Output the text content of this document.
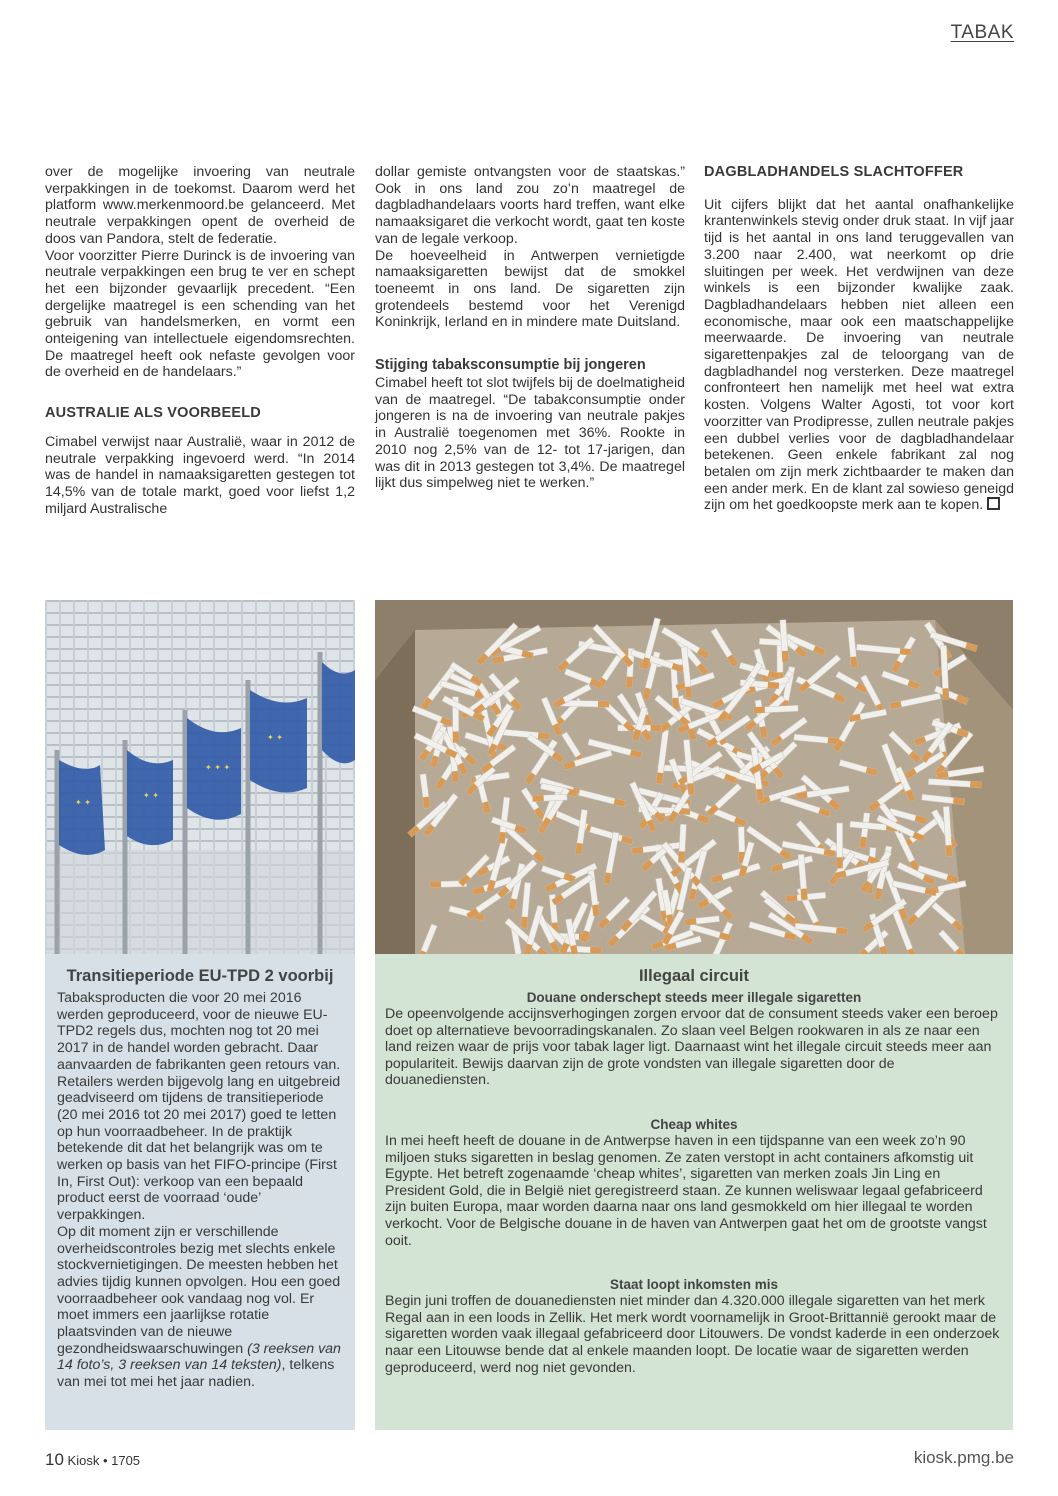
TABAK

over de mogelijke invoering van neutrale verpakkingen in de toekomst. Daarom werd het platform www.merkenmoord.be gelanceerd. Met neutrale verpakkingen opent de overheid de doos van Pandora, stelt de federatie.

Voor voorzitter Pierre Durinck is de invoering van neutrale verpakkingen een brug te ver en schept het een bijzonder gevaarlijk precedent. “Een dergelijke maatregel is een schending van het gebruik van handelsmerken, en vormt een onteigening van intellectuele eigendomsrechten. De maatregel heeft ook nefaste gevolgen voor de overheid en de handelaars.”

AUSTRALIE ALS VOORBEELD

Cimabel verwijst naar Australië, waar in 2012 de neutrale verpakking ingevoerd werd. “In 2014 was de handel in namaaksigaretten gestegen tot 14,5% van de totale markt, goed voor liefst 1,2 miljard Australische

dollar gemiste ontvangsten voor de staatskas.” Ook in ons land zou zo’n maatregel de dagbladhandelaars voorts hard treffen, want elke namaaksigaret die verkocht wordt, gaat ten koste van de legale verkoop.

De hoeveelheid in Antwerpen vernietigde namaaksigaretten bewijst dat de smokkel toeneemt in ons land. De sigaretten zijn grotendeels bestemd voor het Verenigd Koninkrijk, Ierland en in mindere mate Duitsland.

Stijging tabaksconsumptie bij jongeren

Cimabel heeft tot slot twijfels bij de doelmatigheid van de maatregel. “De tabakconsumptie onder jongeren is na de invoering van neutrale pakjes in Australië toegenomen met 36%. Rookte in 2010 nog 2,5% van de 12- tot 17-jarigen, dan was dit in 2013 gestegen tot 3,4%. De maatregel lijkt dus simpelweg niet te werken.”

DAGBLADHANDELS SLACHTOFFER

Uit cijfers blijkt dat het aantal onafhankelijke krantenwinkels stevig onder druk staat. In vijf jaar tijd is het aantal in ons land teruggevallen van 3.200 naar 2.400, wat neerkomt op drie sluitingen per week. Het verdwijnen van deze winkels is een bijzonder kwalijke zaak. Dagbladhandelaars hebben niet alleen een economische, maar ook een maatschappelijke meerwaarde. De invoering van neutrale sigarettenpakjes zal de teloorgang van de dagbladhandel nog versterken. Deze maatregel confronteert hen namelijk met heel wat extra kosten. Volgens Walter Agosti, tot voor kort voorzitter van Prodipresse, zullen neutrale pakjes een dubbel verlies voor de dagbladhandelaar betekenen. Geen enkele fabrikant zal nog betalen om zijn merk zichtbaarder te maken dan een ander merk. En de klant zal sowieso geneigd zijn om het goedkoopste merk aan te kopen.

✦ ✦
✦ ✦
✦ ✦ ✦
✦ ✦
Transitieperiode EU-TPD 2 voorbij
Tabaksproducten die voor 20 mei 2016 werden geproduceerd, voor de nieuwe EU-TPD2 regels dus, mochten nog tot 20 mei 2017 in de handel worden gebracht. Daar aanvaarden de fabrikanten geen retours van. Retailers werden bijgevolg lang en uitgebreid geadviseerd om tijdens de transitieperiode (20 mei 2016 tot 20 mei 2017) goed te letten op hun voorraadbeheer. In de praktijk betekende dit dat het belangrijk was om te werken op basis van het FIFO-principe (First In, First Out): verkoop van een bepaald product eerst de voorraad ‘oude’ verpakkingen.
Op dit moment zijn er verschillende overheidscontroles bezig met slechts enkele stockvernietigingen. De meesten hebben het advies tijdig kunnen opvolgen. Hou een goed voorraadbeheer ook vandaag nog vol. Er moet immers een jaarlijkse rotatie plaatsvinden van de nieuwe gezondheidswaarschuwingen (3 reeksen van 14 foto’s, 3 reeksen van 14 teksten), telkens van mei tot mei het jaar nadien.
Illegaal circuit
Douane onderschept steeds meer illegale sigaretten
De opeenvolgende accijnsverhogingen zorgen ervoor dat de consument steeds vaker een beroep doet op alternatieve bevoorradingskanalen. Zo slaan veel Belgen rookwaren in als ze naar een land reizen waar de prijs voor tabak lager ligt. Daarnaast wint het illegale circuit steeds meer aan populariteit. Bewijs daarvan zijn de grote vondsten van illegale sigaretten door de douanediensten.
Cheap whites
In mei heeft heeft de douane in de Antwerpse haven in een tijdspanne van een week zo’n 90 miljoen stuks sigaretten in beslag genomen. Ze zaten verstopt in acht containers afkomstig uit Egypte. Het betreft zogenaamde ‘cheap whites’, sigaretten van merken zoals Jin Ling en President Gold, die in België niet geregistreerd staan. Ze kunnen weliswaar legaal gefabriceerd zijn buiten Europa, maar worden daarna naar ons land gesmokkeld om hier illegaal te worden verkocht. Voor de Belgische douane in de haven van Antwerpen gaat het om de grootste vangst ooit.
Staat loopt inkomsten mis
Begin juni troffen de douanediensten niet minder dan 4.320.000 illegale sigaretten van het merk Regal aan in een loods in Zellik. Het merk wordt voornamelijk in Groot-Brittannië gerookt maar de sigaretten worden vaak illegaal gefabriceerd door Litouwers. De vondst kaderde in een onderzoek naar een Litouwse bende dat al enkele maanden loopt. De locatie waar de sigaretten werden geproduceerd, werd nog niet gevonden.
10 Kiosk • 1705	kiosk.pmg.be
